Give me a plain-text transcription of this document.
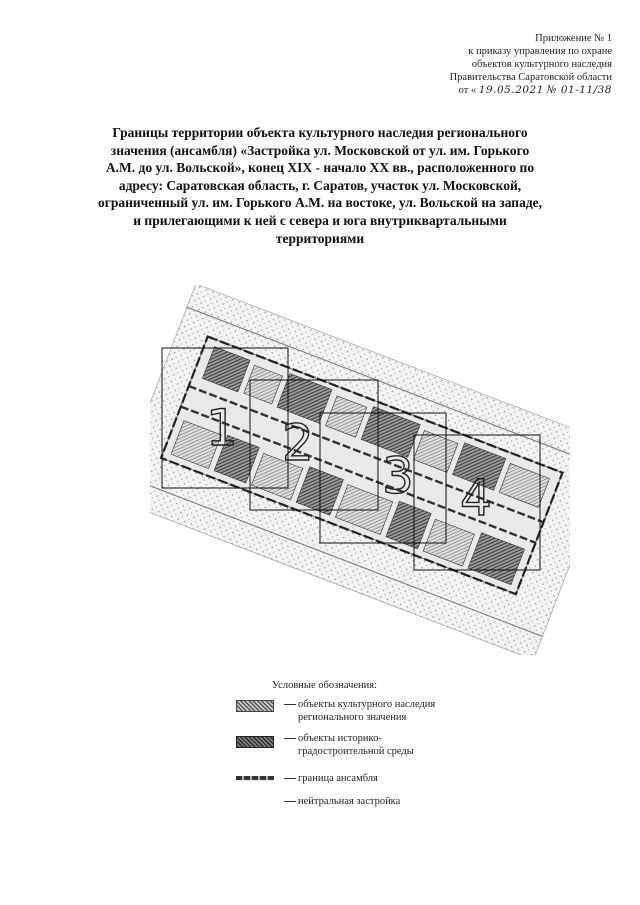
Приложение № 1
к приказу управления по охране
объектов культурного наследия
Правительства Саратовской области
от « 19.05.2021 № 01-11/38
Границы территории объекта культурного наследия регионального
значения (ансамбля) «Застройка ул. Московской от ул. им. Горького
А.М. до ул. Вольской», конец XIX - начало XX вв., расположенного по
адресу: Саратовская область, г. Саратов, участок ул. Московской,
ограниченный ул. им. Горького А.М. на востоке, ул. Вольской на западе,
и прилегающими к ней с севера и юга внутриквартальными
территориями
1 2
3 4
Условные обозначения:
объекты культурного наследия
регионального значения
объекты историко-
градостроительной среды
граница ансамбля
нейтральная застройка
